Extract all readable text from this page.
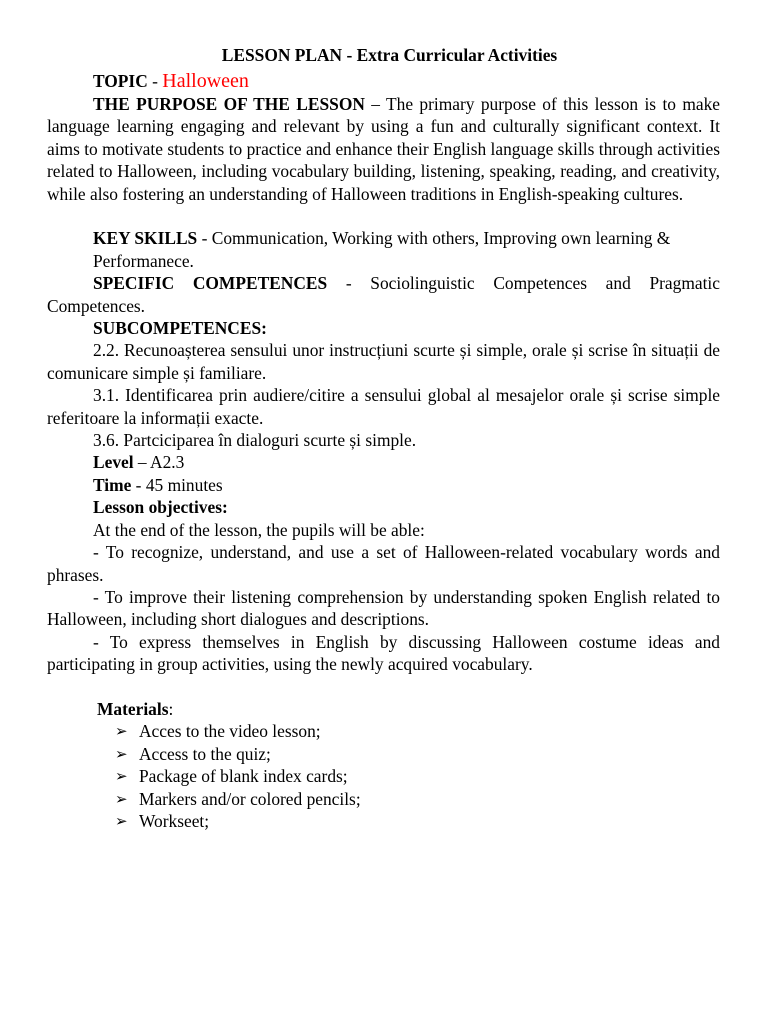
LESSON PLAN - Extra Curricular Activities

TOPIC - Halloween

THE PURPOSE OF THE LESSON – The primary purpose of this lesson is to make language learning engaging and relevant by using a fun and culturally significant context. It aims to motivate students to practice and enhance their English language skills through activities related to Halloween, including vocabulary building, listening, speaking, reading, and creativity, while also fostering an understanding of Halloween traditions in English-speaking cultures.

KEY SKILLS - Communication, Working with others, Improving own learning &

Performanece.

SPECIFIC COMPETENCES - Sociolinguistic Competences and Pragmatic Competences.

SUBCOMPETENCES:

2.2. Recunoașterea sensului unor instrucțiuni scurte și simple, orale și scrise în situații de comunicare simple și familiare.

3.1. Identificarea prin audiere/citire a sensului global al mesajelor orale și scrise simple referitoare la informații exacte.

3.6. Partciciparea în dialoguri scurte și simple.

Level – A2.3

Time - 45 minutes

Lesson objectives:

At the end of the lesson, the pupils will be able:

- To recognize, understand, and use a set of Halloween-related vocabulary words and phrases.

- To improve their listening comprehension by understanding spoken English related to Halloween, including short dialogues and descriptions.

- To express themselves in English by discussing Halloween costume ideas and participating in group activities, using the newly acquired vocabulary.

Materials:

➢ Acces to the video lesson;
➢ Access to the quiz;
➢ Package of blank index cards;
➢ Markers and/or colored pencils;
➢ Workseet;
